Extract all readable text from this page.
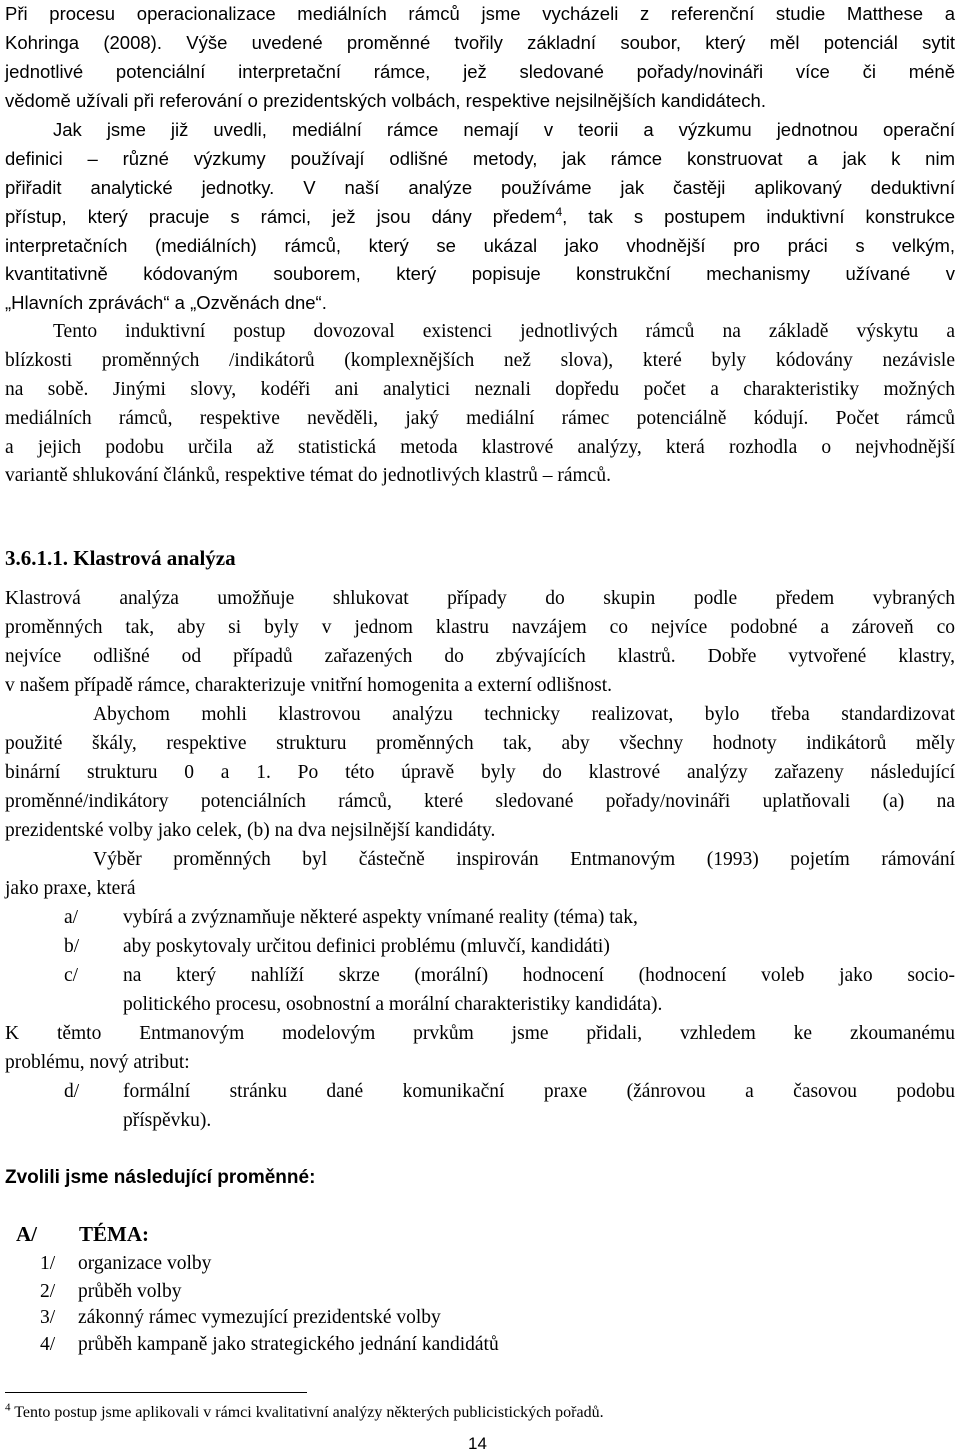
Při procesu operacionalizace mediálních rámců jsme vycházeli z referenční studie Matthese a
Kohringa (2008). Výše uvedené proměnné tvořily základní soubor, který měl potenciál sytit
jednotlivé potenciální interpretační rámce, jež sledované pořady/novináři více či méně
vědomě užívali při referování o prezidentských volbách, respektive nejsilnějších kandidátech.
Jak jsme již uvedli, mediální rámce nemají v teorii a výzkumu jednotnou operační
definici – různé výzkumy používají odlišné metody, jak rámce konstruovat a jak k nim
přiřadit analytické jednotky. V naší analýze používáme jak častěji aplikovaný deduktivní
přístup, který pracuje s rámci, jež jsou dány předem$^4$, tak s postupem induktivní konstrukce
interpretačních (mediálních) rámců, který se ukázal jako vhodnější pro práci s velkým,
kvantitativně kódovaným souborem, který popisuje konstrukční mechanismy užívané v
„Hlavních zprávách“ a „Ozvěnách dne“.
Tento induktivní postup dovozoval existenci jednotlivých rámců na základě výskytu a
blízkosti proměnných /indikátorů (komplexnějších než slova), které byly kódovány nezávisle
na sobě. Jinými slovy, kodéři ani analytici neznali dopředu počet a charakteristiky možných
mediálních rámců, respektive nevěděli, jaký mediální rámec potenciálně kódují. Počet rámců
a jejich podobu určila až statistická metoda klastrové analýzy, která rozhodla o nejvhodnější
variantě shlukování článků, respektive témat do jednotlivých klastrů – rámců.
3.6.1.1. Klastrová analýza
Klastrová analýza umožňuje shlukovat případy do skupin podle předem vybraných
proměnných tak, aby si byly v jednom klastru navzájem co nejvíce podobné a zároveň co
nejvíce odlišné od případů zařazených do zbývajících klastrů. Dobře vytvořené klastry,
v našem případě rámce, charakterizuje vnitřní homogenita a externí odlišnost.
Abychom mohli klastrovou analýzu technicky realizovat, bylo třeba standardizovat
použité škály, respektive strukturu proměnných tak, aby všechny hodnoty indikátorů měly
binární strukturu 0 a 1. Po této úpravě byly do klastrové analýzy zařazeny následující
proměnné/indikátory potenciálních rámců, které sledované pořady/novináři uplatňovali (a) na
prezidentské volby jako celek, (b) na dva nejsilnější kandidáty.
Výběr proměnných byl částečně inspirován Entmanovým (1993) pojetím rámování
jako praxe, která
a/ vybírá a zvýznamňuje některé aspekty vnímané reality (téma) tak,
b/ aby poskytovaly určitou definici problému (mluvčí, kandidáti)
c/ na který nahlíží skrze (morální) hodnocení (hodnocení voleb jako socio-
politického procesu, osobnostní a morální charakteristiky kandidáta).
K těmto Entmanovým modelovým prvkům jsme přidali, vzhledem ke zkoumanému
problému, nový atribut:
d/ formální stránku dané komunikační praxe (žánrovou a časovou podobu
příspěvku).
Zvolili jsme následující proměnné:
A/ TÉMA:
1/	organizace volby
2/	průběh volby
3/	zákonný rámec vymezující prezidentské volby
4/	průběh kampaně jako strategického jednání kandidátů
$^4$ Tento postup jsme aplikovali v rámci kvalitativní analýzy některých publicistických pořadů.
14
